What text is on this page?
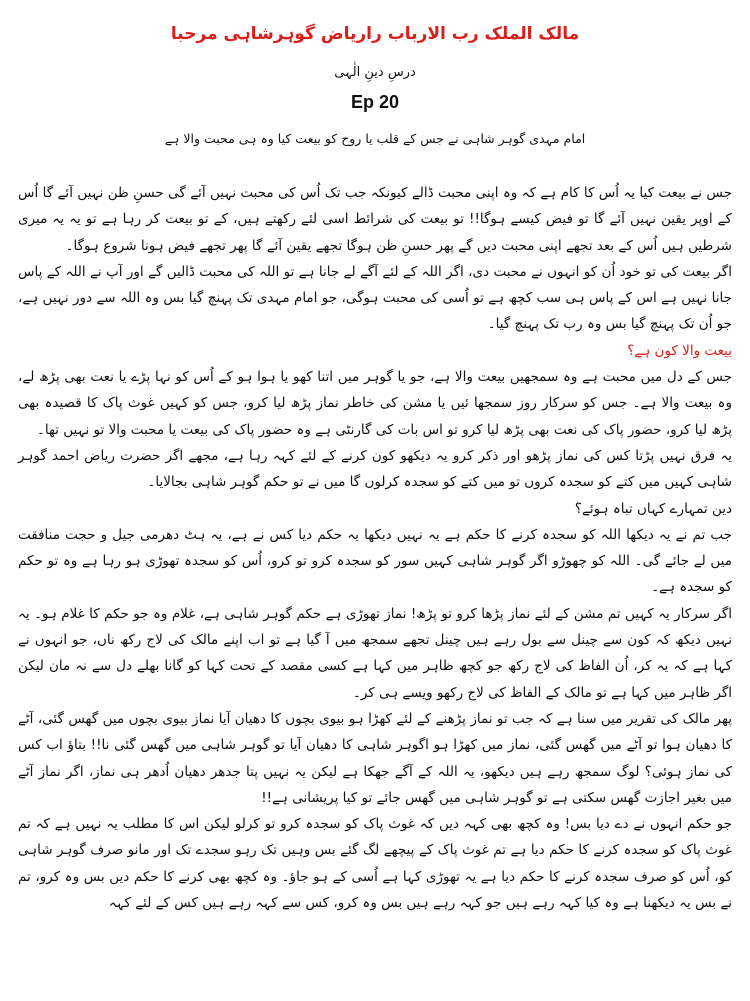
مالک الملک رب الارباب راریاض گوہرشاہی مرحبا

درسِ دینِ الٰہی

Ep 20

امام مہدی گوہر شاہی نے جس کے قلب یا روح کو بیعت کیا وہ ہی محبت والا ہے

جس نے بیعت کیا یہ اُس کا کام ہے کہ وہ اپنی محبت ڈالے کیونکہ جب تک اُس کی محبت نہیں آئے گی حسنِ ظن نہیں آئے گا اُس کے اوپر یقین نہیں آئے گا تو فیض کیسے ہوگا!! تو بیعت کی شرائط اسی لئے رکھتے ہیں، کے تو بیعت کر رہا ہے تو یہ یہ میری شرطیں ہیں اُس کے بعد تجھے اپنی محبت دیں گے پھر حسنِ ظن ہوگا تجھے یقین آئے گا پھر تجھے فیض ہونا شروع ہوگا۔

اگر بیعت کی تو خود اُن کو انہوں نے محبت دی، اگر اللہ کے لئے آگے لے جانا ہے تو اللہ کی محبت ڈالیں گے اور آپ نے اللہ کے پاس جانا نہیں ہے اس کے پاس ہی سب کچھ ہے تو اُسی کی محبت ہوگی، جو امام مہدی تک پہنچ گیا بس وہ اللہ سے دور نہیں ہے، جو اُن تک پہنچ گیا بس وہ رب تک پہنچ گیا۔

بیعت والا کون ہے؟

جس کے دل میں محبت ہے وہ سمجھیں بیعت والا ہے، جو یا گوہر میں اتنا کھو یا ہوا ہو کے اُس کو نہا پڑے یا نعت بھی پڑھ لے، وہ بیعت والا ہے۔ جس کو سرکار روز سمجھا ئیں یا مشن کی خاطر نماز پڑھ لیا کرو، جس کو کہیں غوث پاک کا قصیدہ بھی پڑھ لیا کرو، حضور پاک کی نعت بھی پڑھ لیا کرو تو اس بات کی گارنٹی ہے وہ حضور پاک کی بیعت یا محبت والا تو نہیں تھا۔

یہ فرق نہیں پڑتا کس کی نماز پڑھو اور ذکر کرو یہ دیکھو کون کرنے کے لئے کہہ رہا ہے، مجھے اگر حضرت ریاض احمد گوہر شاہی کہیں میں کتے کو سجدہ کروں تو میں کتے کو سجدہ کرلوں گا میں نے تو حکم گوہر شاہی بجالایا۔

دین تمہارے کہاں تباہ ہوئے؟

جب تم نے یہ دیکھا اللہ کو سجدہ کرنے کا حکم ہے یہ نہیں دیکھا یہ حکم دیا کس نے ہے، یہ ہٹ دھرمی جیل و حجت منافقت میں لے جائے گی۔ اللہ کو چھوڑو اگر گوہر شاہی کہیں سور کو سجدہ کرو تو کرو، اُس کو سجدہ تھوڑی ہو رہا ہے وہ تو حکم کو سجدہ ہے۔

اگر سرکار یہ کہیں تم مشن کے لئے نماز پڑھا کرو تو پڑھ! نماز تھوڑی ہے حکم گوہر شاہی ہے، غلام وہ جو حکم کا غلام ہو۔ یہ نہیں دیکھ کہ کون سے چینل سے بول رہے ہیں چینل تجھے سمجھ میں آ گیا ہے تو اب اپنے مالک کی لاج رکھ ناں، جو انہوں نے کہا ہے کہ یہ کر، اُن الفاظ کی لاج رکھ جو کچھ ظاہر میں کہا ہے کسی مقصد کے تحت کہا کو گانا بھلے دل سے نہ مان لیکن اگر ظاہر میں کہا ہے تو مالک کے الفاظ کی لاج رکھو ویسے ہی کر۔

پھر مالک کی تقریر میں سنا ہے کہ جب تو نماز پڑھنے کے لئے کھڑا ہو بیوی بچوں کا دھیان آیا نماز بیوی بچوں میں گھس گئی، آٹے کا دھیان ہوا تو آٹے میں گھس گئی، نماز میں کھڑا ہو اگوہر شاہی کا دھیان آیا تو گوہر شاہی میں گھس گئی نا!! بتاؤ اب کس کی نماز ہوئی؟ لوگ سمجھ رہے ہیں دیکھو، یہ اللہ کے آگے جھکا ہے لیکن یہ نہیں پتا جدھر دھیان اُدھر ہی نماز، اگر نماز آٹے میں بغیر اجازت گھس سکتی ہے تو گوہر شاہی میں گھس جائے تو کیا پریشانی ہے!!

جو حکم انہوں نے دے دیا بس! وہ کچھ بھی کہہ دیں کہ غوث پاک کو سجدہ کرو تو کرلو لیکن اس کا مطلب یہ نہیں ہے کہ تم غوث پاک کو سجدہ کرنے کا حکم دیا ہے تم غوث پاک کے پیچھے لگ گئے بس وہیں تک رہو سجدے تک اور مانو صرف گوہر شاہی کو، اُس کو صرف سجدہ کرنے کا حکم دیا ہے یہ تھوڑی کہا ہے اُسی کے ہو جاؤ۔ وہ کچھ بھی کرنے کا حکم دیں بس وہ کرو، تم نے بس یہ دیکھنا ہے وہ کیا کہہ رہے ہیں جو کہہ رہے ہیں بس وہ کرو، کس سے کہہ رہے ہیں کس کے لئے کہہ
